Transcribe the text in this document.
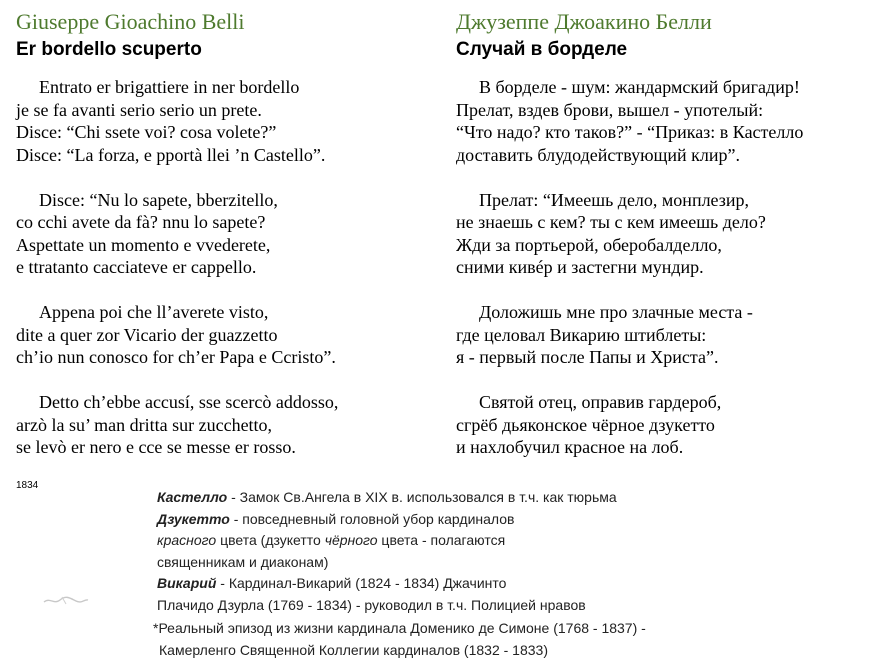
Giuseppe Gioachino Belli
Er bordello scuperto
Entrato er brigattiere in ner bordello
je se fa avanti serio serio un prete.
Disce: “Chi ssete voi? cosa volete?”
Disce: “La forza, e pportà llei ’n Castello”.
Disce: “Nu lo sapete, bberzitello,
co cchi avete da fà? nnu lo sapete?
Aspettate un momento e vvederete,
e ttratanto cacciateve er cappello.
Appena poi che ll’averete visto,
dite a quer zor Vicario der guazzetto
ch’io nun conosco for ch’er Papa e Ccristo”.
Detto ch’ebbe accusí, sse scercò addosso,
arzò la su’ man dritta sur zucchetto,
se levò er nero e cce se messe er rosso.
Джузеппе Джоакино Белли
Случай в борделе
В борделе - шум: жандармский бригадир!
Прелат, вздев брови, вышел - употелый:
“Что надо? кто таков?” - “Приказ: в Кастелло
доставить блудодействующий клир”.
Прелат: “Имеешь дело, монплезир,
не знаешь с кем? ты с кем имеешь дело?
Жди за портьерой, оберобалделло,
сними кивéр и застегни мундир.
Доложишь мне про злачные места -
где целовал Викарию штиблеты:
я - первый после Папы и Христа”.
Святой отец, оправив гардероб,
сгрёб дьяконское чёрное дзукетто
и нахлобучил красное на лоб.
1834
Кастелло - Замок Св.Ангела в XIX в. использовался в т.ч. как тюрьма
Дзукетто - повседневный головной убор кардиналов
красного цвета (дзукетто чёрного цвета - полагаются
священникам и диаконам)
Викарий - Кардинал-Викарий (1824 - 1834) Джачинто
Плачидо Дзурла (1769 - 1834) - руководил в т.ч. Полицией нравов
*Реальный эпизод из жизни кардинала Доменико де Симоне (1768 - 1837) -
Камерленго Священной Коллегии кардиналов (1832 - 1833)
